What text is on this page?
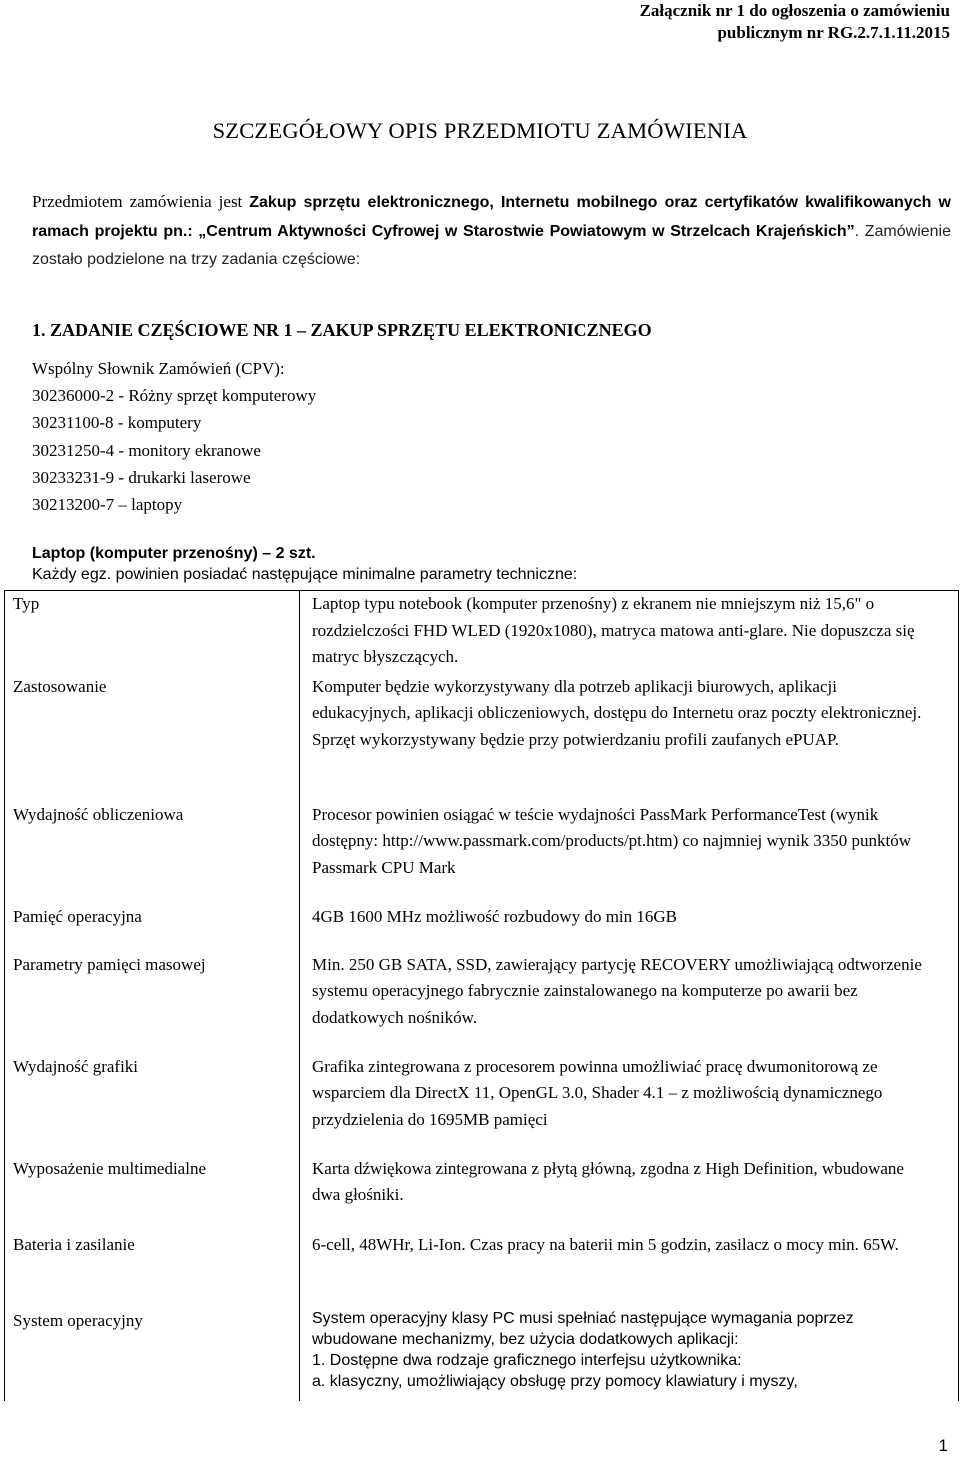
Załącznik nr 1 do ogłoszenia o zamówieniu
publicznym nr RG.2.7.1.11.2015
SZCZEGÓŁOWY OPIS PRZEDMIOTU ZAMÓWIENIA
Przedmiotem zamówienia jest Zakup sprzętu elektronicznego, Internetu mobilnego oraz certyfikatów kwalifikowanych w ramach projektu pn.: „Centrum Aktywności Cyfrowej w Starostwie Powiatowym w Strzelcach Krajeńskich”. Zamówienie zostało podzielone na trzy zadania częściowe:
1. ZADANIE CZĘŚCIOWE NR 1 – ZAKUP SPRZĘTU ELEKTRONICZNEGO
Wspólny Słownik Zamówień (CPV):
30236000-2 - Różny sprzęt komputerowy
30231100-8 - komputery
30231250-4 - monitory ekranowe
30233231-9 - drukarki laserowe
30213200-7 – laptopy
Laptop (komputer przenośny) – 2 szt.
Każdy egz. powinien posiadać następujące minimalne parametry techniczne:
Typ	Laptop typu notebook (komputer przenośny) z ekranem nie mniejszym niż 15,6" o rozdzielczości FHD WLED (1920x1080), matryca matowa anti-glare. Nie dopuszcza się matryc błyszczących.
Zastosowanie	Komputer będzie wykorzystywany dla potrzeb aplikacji biurowych, aplikacji edukacyjnych, aplikacji obliczeniowych, dostępu do Internetu oraz poczty elektronicznej. Sprzęt wykorzystywany będzie przy potwierdzaniu profili zaufanych ePUAP.
Wydajność obliczeniowa	Procesor powinien osiągać w teście wydajności PassMark PerformanceTest (wynik dostępny: http://www.passmark.com/products/pt.htm) co najmniej wynik 3350 punktów Passmark CPU Mark
Pamięć operacyjna	4GB 1600 MHz możliwość rozbudowy do min 16GB
Parametry pamięci masowej	Min. 250 GB SATA, SSD, zawierający partycję RECOVERY umożliwiającą odtworzenie systemu operacyjnego fabrycznie zainstalowanego na komputerze po awarii bez dodatkowych nośników.
Wydajność grafiki	Grafika zintegrowana z procesorem powinna umożliwiać pracę dwumonitorową ze wsparciem dla DirectX 11, OpenGL 3.0, Shader 4.1 – z możliwością dynamicznego przydzielenia do 1695MB pamięci
Wyposażenie multimedialne	Karta dźwiękowa zintegrowana z płytą główną, zgodna z High Definition, wbudowane dwa głośniki.
Bateria i zasilanie	6-cell, 48WHr, Li-Ion. Czas pracy na baterii min 5 godzin, zasilacz o mocy min. 65W.
System operacyjny	System operacyjny klasy PC musi spełniać następujące wymagania poprzez wbudowane mechanizmy, bez użycia dodatkowych aplikacji:
1. Dostępne dwa rodzaje graficznego interfejsu użytkownika:
a. klasyczny, umożliwiający obsługę przy pomocy klawiatury i myszy,
1
